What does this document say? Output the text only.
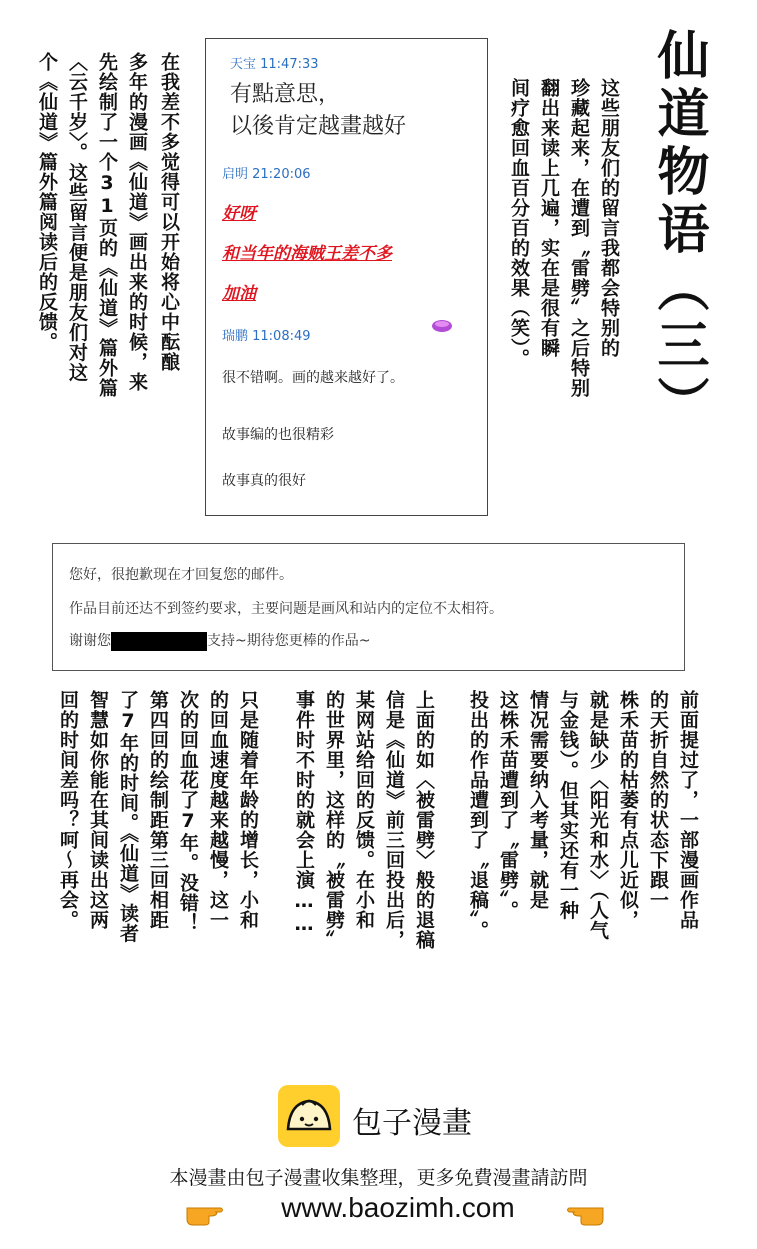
仙道物语（三）
在我差不多觉得可以开始将心中酝酿
多年的漫画《仙道》画出来的时候，来
先绘制了一个31页的《仙道》篇外篇
〈云千岁〉。这些留言便是朋友们对这
个《仙道》篇外篇阅读后的反馈。	天宝 11:47:33
有點意思，
以後肯定越畫越好
启明 21:20:06
好呀
和当年的海贼王差不多
加油
瑞鹏 11:08:49
很不错啊。画的越来越好了。
故事编的也很精彩
故事真的很好
这些朋友们的留言我都会特别的
珍藏起来，在遭到〝雷劈〞之后特别
翻出来读上几遍，实在是很有瞬
间疗愈回血百分百的效果（笑）。
您好，很抱歉现在才回复您的邮件。
作品目前还达不到签约要求，主要问题是画风和站内的定位不太相符。
谢谢您	支持~期待您更棒的作品~
前面提过了，一部漫画作品
的天折自然的状态下跟一
株禾苗的枯萎有点儿近似，
就是缺少〈阳光和水〉（人气
与金钱）。但其实还有一种
情况需要纳入考量，就是
这株禾苗遭到了〝雷劈〞。
投出的作品遭到了〝退稿〞。
上面的如〈被雷劈〉般的退稿
信是《仙道》前三回投出后，
某网站给回的反馈。在小和
的世界里，这样的〝被雷劈〞
事件时不时的就会上演……
只是随着年龄的增长，小和
的回血速度越来越慢，这一
次的回血花了7年。没错！
第四回的绘制距第三回相距
了7年的时间。《仙道》读者
智慧如你能在其间读出这两
回的时间差吗？呵～再会。
包子漫畫
本漫畫由包子漫畫收集整理，更多免費漫畫請訪問
www.baozimh.com
